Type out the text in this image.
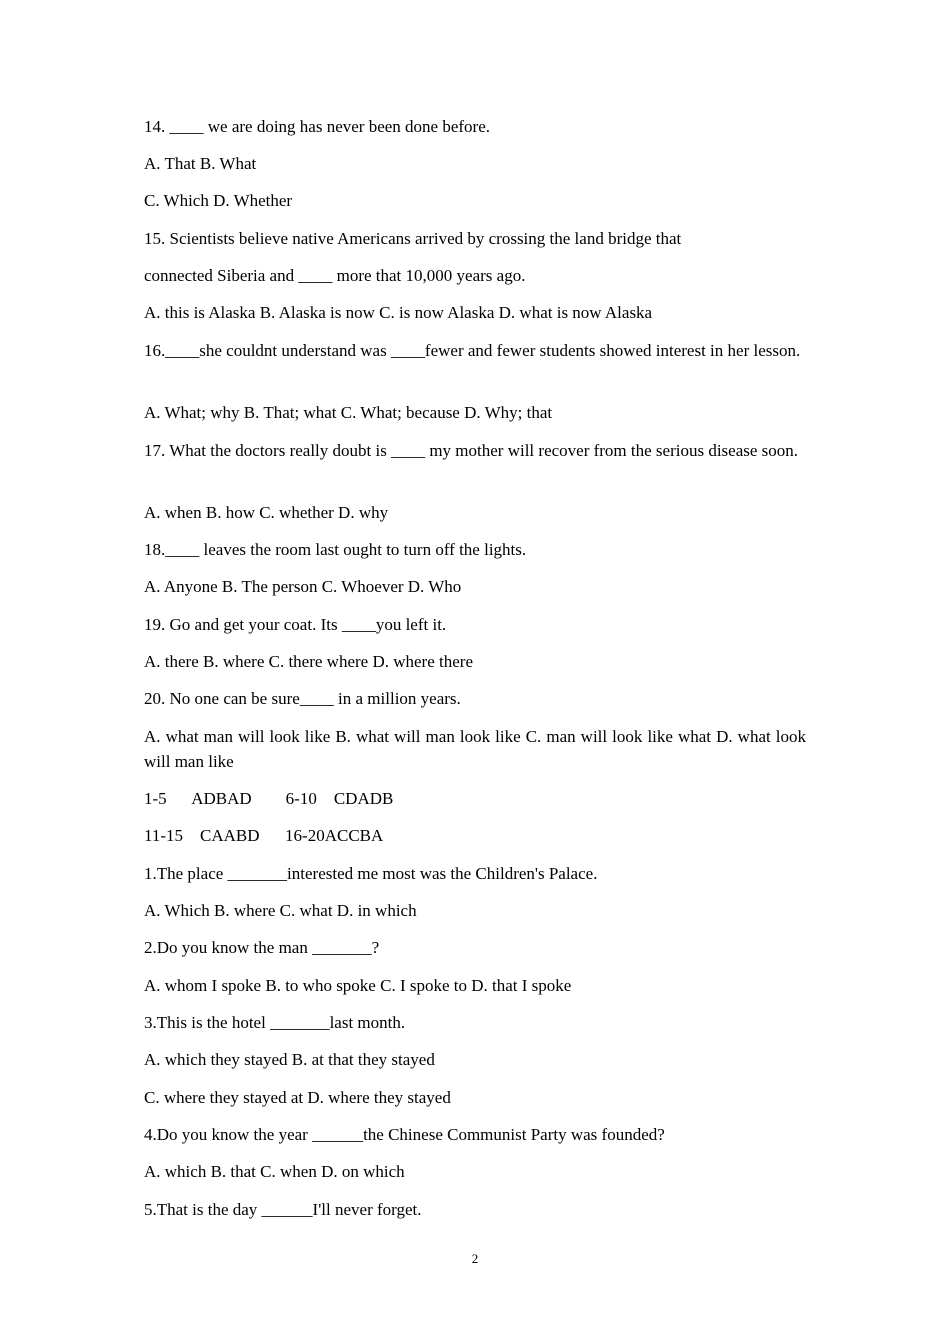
14. ____ we are doing has never been done before.

A. That B. What

C. Which D. Whether

15. Scientists believe native Americans arrived by crossing the land bridge that

connected Siberia and ____ more that 10,000 years ago.

A. this is Alaska B. Alaska is now C. is now Alaska D. what is now Alaska

16.____she couldnt understand was ____fewer and fewer students showed interest in her lesson.

A. What; why B. That; what C. What; because D. Why; that

17. What the doctors really doubt is ____ my mother will recover from the serious disease soon.

A. when B. how C. whether D. why

18.____ leaves the room last ought to turn off the lights.

A. Anyone B. The person C. Whoever D. Who

19. Go and get your coat. Its ____you left it.

A. there B. where C. there where D. where there

20. No one can be sure____ in a million years.

A. what man will look like B. what will man look like C. man will look like what D. what look will man like

1-5      ADBAD        6-10    CDADB

11-15    CAABD      16-20ACCBA

1.The place _______interested me most was the Children's Palace.

A. Which B. where C. what D. in which

2.Do you know the man _______?

A. whom I spoke B. to who spoke C. I spoke to D. that I spoke

3.This is the hotel _______last month.

A. which they stayed B. at that they stayed

C. where they stayed at D. where they stayed

4.Do you know the year ______the Chinese Communist Party was founded?

A. which B. that C. when D. on which

5.That is the day ______I'll never forget.

2
